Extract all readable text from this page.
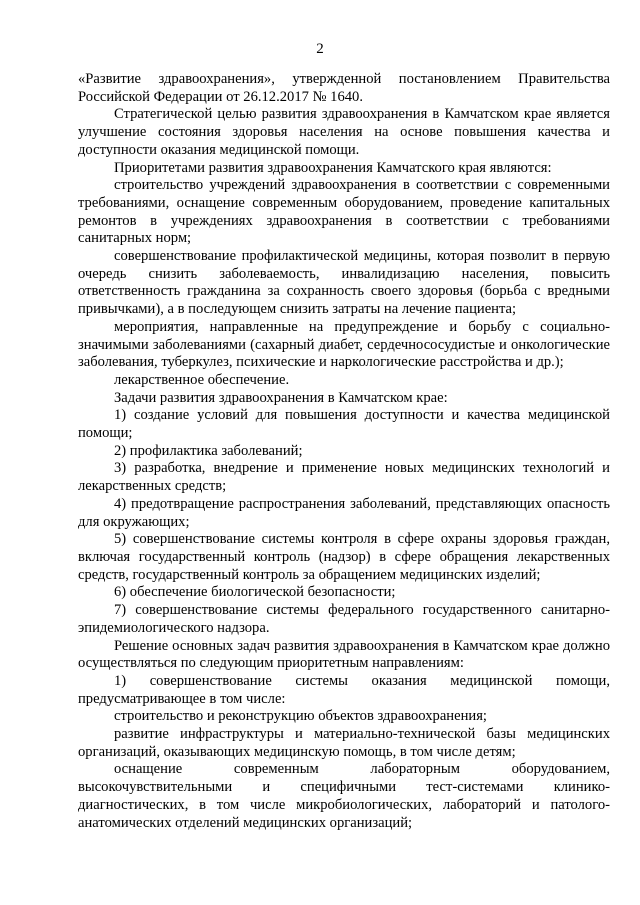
2

«Развитие здравоохранения», утвержденной постановлением Правительства Российской Федерации от 26.12.2017 № 1640.

Стратегической целью развития здравоохранения в Камчатском крае является улучшение состояния здоровья населения на основе повышения качества и доступности оказания медицинской помощи.

Приоритетами развития здравоохранения Камчатского края являются:

строительство учреждений здравоохранения в соответствии с современными требованиями, оснащение современным оборудованием, проведение капитальных ремонтов в учреждениях здравоохранения в соответствии с требованиями санитарных норм;

совершенствование профилактической медицины, которая позволит в первую очередь снизить заболеваемость, инвалидизацию населения, повысить ответственность гражданина за сохранность своего здоровья (борьба с вредными привычками), а в последующем снизить затраты на лечение пациента;

мероприятия, направленные на предупреждение и борьбу с социально-значимыми заболеваниями (сахарный диабет, сердечнососудистые и онкологические заболевания, туберкулез, психические и наркологические расстройства и др.);

лекарственное обеспечение.

Задачи развития здравоохранения в Камчатском крае:

1) создание условий для повышения доступности и качества медицинской помощи;

2) профилактика заболеваний;

3) разработка, внедрение и применение новых медицинских технологий и лекарственных средств;

4) предотвращение распространения заболеваний, представляющих опасность для окружающих;

5) совершенствование системы контроля в сфере охраны здоровья граждан, включая государственный контроль (надзор) в сфере обращения лекарственных средств, государственный контроль за обращением медицинских изделий;

6) обеспечение биологической безопасности;

7) совершенствование системы федерального государственного санитарно-эпидемиологического надзора.

Решение основных задач развития здравоохранения в Камчатском крае должно осуществляться по следующим приоритетным направлениям:

1) совершенствование системы оказания медицинской помощи, предусматривающее в том числе:

строительство и реконструкцию объектов здравоохранения;

развитие инфраструктуры и материально-технической базы медицинских организаций, оказывающих медицинскую помощь, в том числе детям;

оснащение современным лабораторным оборудованием, высокочувствительными и специфичными тест-системами клинико-диагностических, в том числе микробиологических, лабораторий и патолого-анатомических отделений медицинских организаций;
